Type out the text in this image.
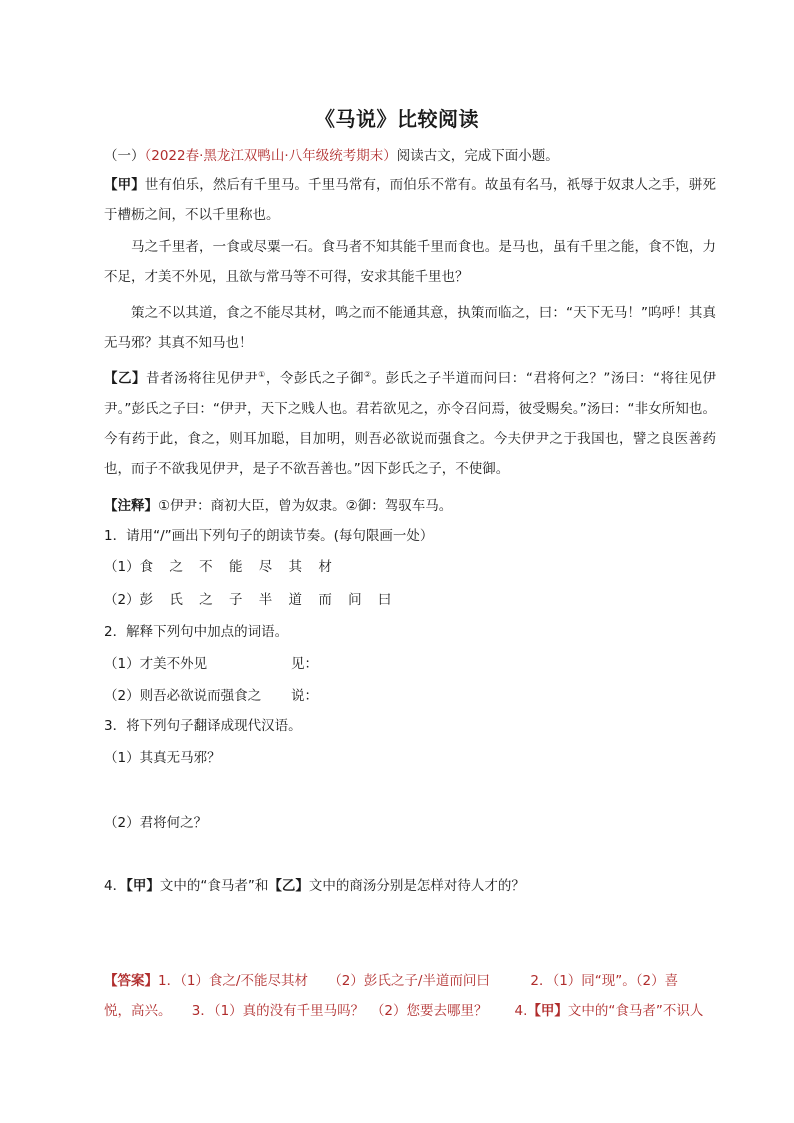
《马说》比较阅读
（一）（2022春·黑龙江双鸭山·八年级统考期末）阅读古文，完成下面小题。
【甲】世有伯乐，然后有千里马。千里马常有，而伯乐不常有。故虽有名马，祇辱于奴隶人之手，骈死于槽枥之间，不以千里称也。
马之千里者，一食或尽粟一石。食马者不知其能千里而食也。是马也，虽有千里之能，食不饱，力不足，才美不外见，且欲与常马等不可得，安求其能千里也？
策之不以其道，食之不能尽其材，鸣之而不能通其意，执策而临之，曰：“天下无马！”呜呼！其真无马邪？其真不知马也！
【乙】昔者汤将往见伊尹①，令彭氏之子御②。彭氏之子半道而问曰：“君将何之？”汤曰：“将往见伊尹。”彭氏之子曰：“伊尹，天下之贱人也。君若欲见之，亦令召问焉，彼受赐矣。”汤曰：“非女所知也。今有药于此，食之，则耳加聪，目加明，则吾必欲说而强食之。今夫伊尹之于我国也，譬之良医善药也，而子不欲我见伊尹，是子不欲吾善也。”因下彭氏之子，不使御。
【注释】①伊尹：商初大臣，曾为奴隶。②御：驾驭车马。
1．请用“/”画出下列句子的朗读节奏。(每句限画一处）
（1）食 之 不 能 尽 其 材
（2）彭 氏 之 子 半 道 而 问 曰
2．解释下列句中加点的词语。
（1）才美不外见	见：
（2）则吾必欲说而强食之 说：
3．将下列句子翻译成现代汉语。
（1）其真无马邪？
（2）君将何之？
4．【甲】文中的“食马者”和【乙】文中的商汤分别是怎样对待人才的？
【答案】1．（1）食之/不能尽其材　　（2）彭氏之子/半道而问曰　　　2．（1）同“现”。（2）喜
悦，高兴。　　3．（1）真的没有千里马吗？　（2）您要去哪里？　　4.【甲】文中的“食马者”不识人
